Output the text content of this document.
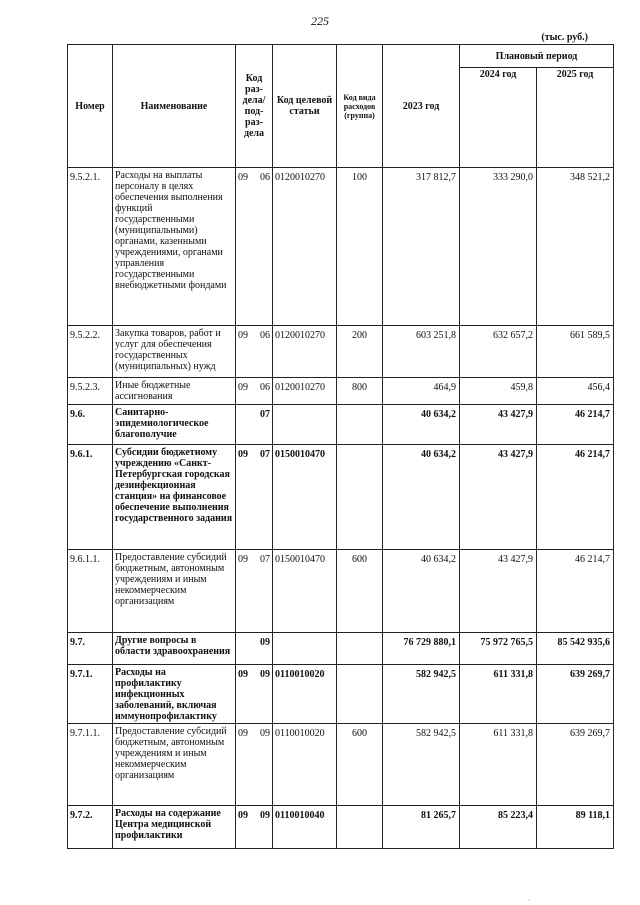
225
(тыс. руб.)
Номер	Наименование	Код раз-дела/ под-раз-дела	Код целевой статьи	Код вида расходов (группа)	2023 год	Плановый период	
						2024 год	2025 год
9.5.2.1.	Расходы на выплаты персоналу в целях обеспечения выполнения функций государственными (муниципальными) органами, казенными учреждениями, органами управления государственными внебюджетными фондами	09 06	0120010270	100	317 812,7	333 290,0	348 521,2
9.5.2.2.	Закупка товаров, работ и услуг для обеспечения государственных (муниципальных) нужд	09 06	0120010270	200	603 251,8	632 657,2	661 589,5
9.5.2.3.	Иные бюджетные ассигнования	09 06	0120010270	800	464,9	459,8	456,4
9.6.	Санитарно-эпидемиологическое благополучие	07			40 634,2	43 427,9	46 214,7
9.6.1.	Субсидии бюджетному учреждению «Санкт-Петербургская городская дезинфекционная станция» на финансовое обеспечение выполнения государственного задания	09 07	0150010470		40 634,2	43 427,9	46 214,7
9.6.1.1.	Предоставление субсидий бюджетным, автономным учреждениям и иным некоммерческим организациям	09 07	0150010470	600	40 634,2	43 427,9	46 214,7
9.7.	Другие вопросы в области здравоохранения	09			76 729 880,1	75 972 765,5	85 542 935,6
9.7.1.	Расходы на профилактику инфекционных заболеваний, включая иммунопрофилактику	09 09	0110010020		582 942,5	611 331,8	639 269,7
9.7.1.1.	Предоставление субсидий бюджетным, автономным учреждениям и иным некоммерческим организациям	09 09	0110010020	600	582 942,5	611 331,8	639 269,7
9.7.2.	Расходы на содержание Центра медицинской профилактики	09 09	0110010040		81 265,7	85 223,4	89 118,1
·
